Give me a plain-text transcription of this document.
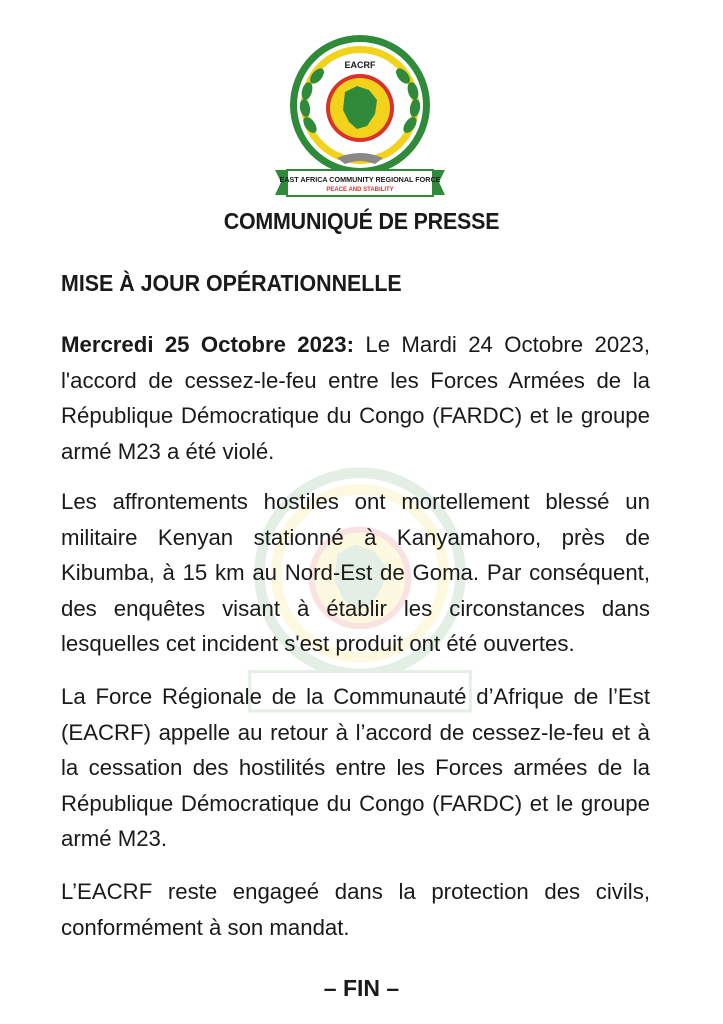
EACRF
EAST AFRICA COMMUNITY REGIONAL FORCE
PEACE AND STABILITY
COMMUNIQUÉ DE PRESSE
MISE À JOUR OPÉRATIONNELLE

Mercredi 25 Octobre 2023: Le Mardi 24 Octobre 2023, l'accord de cessez-le-feu entre les Forces Armées de la République Démocratique du Congo (FARDC) et le groupe armé M23 a été violé.

Les affrontements hostiles ont mortellement blessé un militaire Kenyan stationné à Kanyamahoro, près de Kibumba, à 15 km au Nord-Est de Goma. Par conséquent, des enquêtes visant à établir les circonstances dans lesquelles cet incident s'est produit ont été ouvertes.

La Force Régionale de la Communauté d’Afrique de l’Est (EACRF) appelle au retour à l’accord de cessez-le-feu et à la cessation des hostilités entre les Forces armées de la République Démocratique du Congo (FARDC) et le groupe armé M23.

L’EACRF reste engageé dans la protection des civils, conformément à son mandat.

– FIN –
